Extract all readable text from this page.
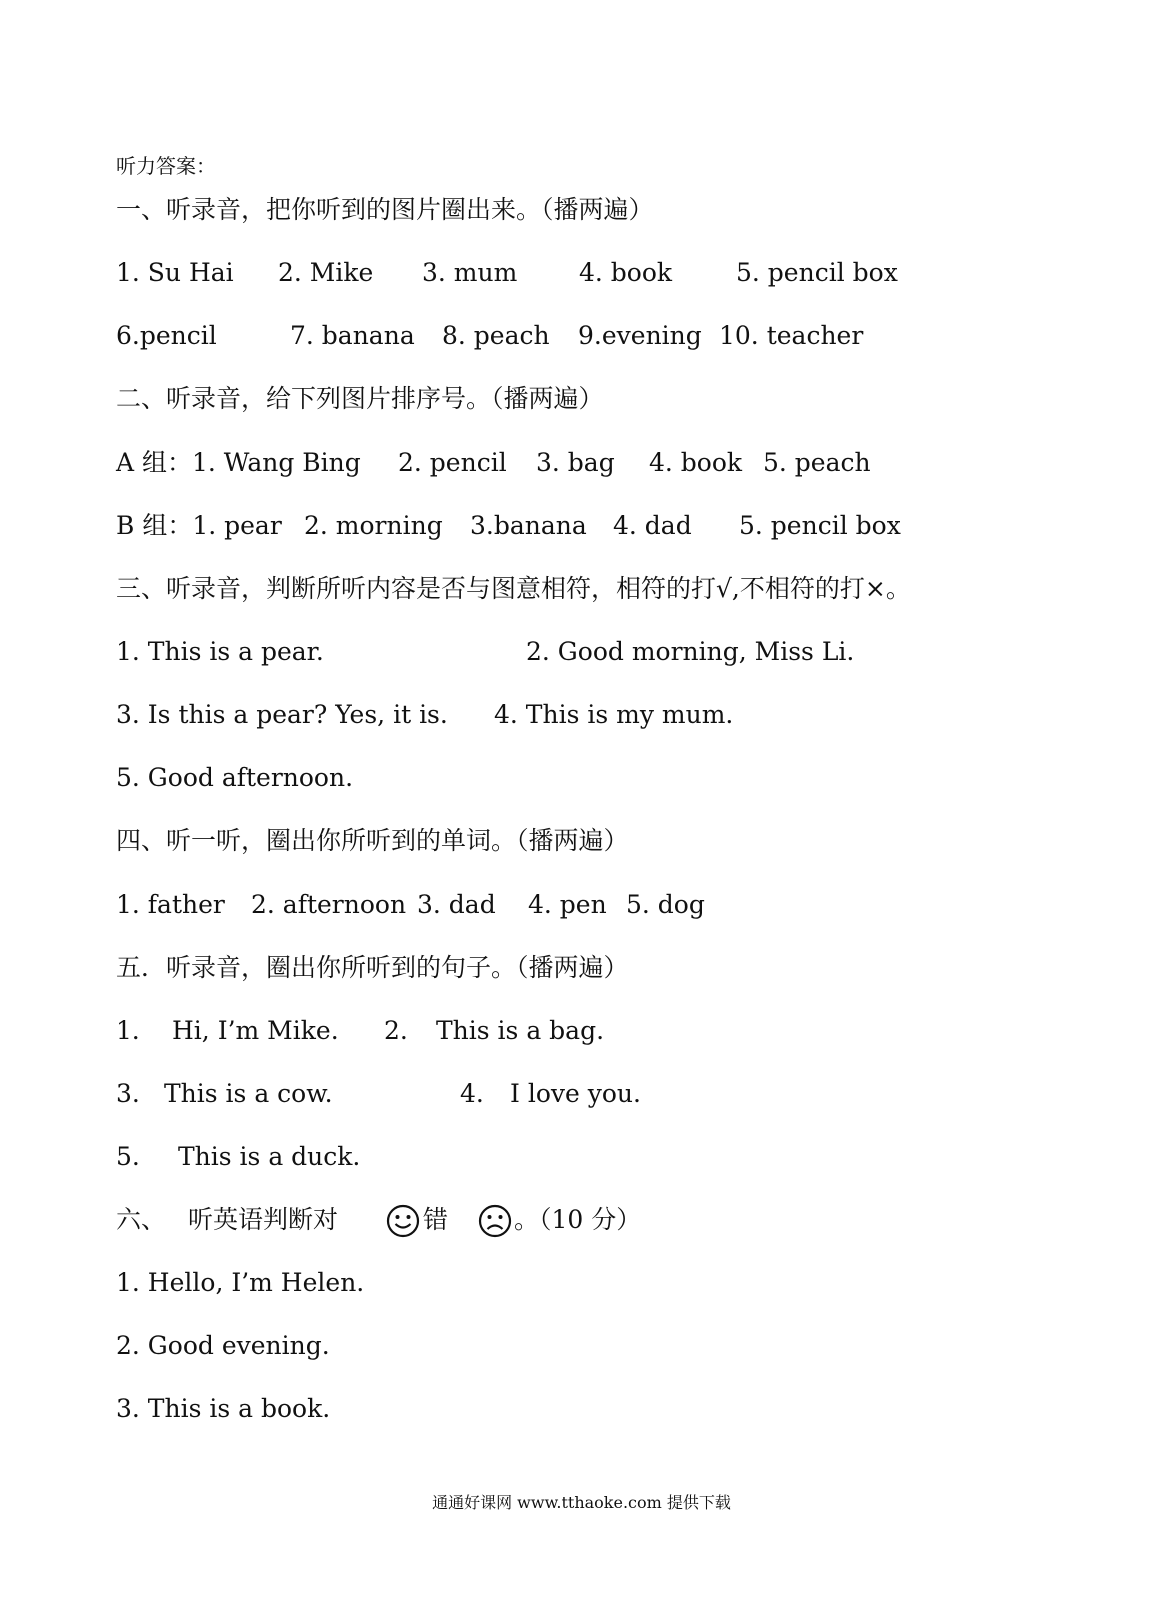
听力答案：
一、听录音，把你听到的图片圈出来。（播两遍）
1. Su Hai 2. Mike 3. mum 4. book	5. pencil box
6.pencil	7. banana 8. peach 9.evening 10. teacher
二、听录音，给下列图片排序号。（播两遍）
A 组：1. Wang Bing 2. pencil 3. bag 4. book 5. peach
B 组：1. pear 2. morning 3.banana 4. dad 5. pencil box
三、听录音，判断所听内容是否与图意相符，相符的打√,不相符的打×。
1. This is a pear.	2. Good morning, Miss Li.
3. Is this a pear? Yes, it is. 4. This is my mum.
5. Good afternoon.
四、听一听，圈出你所听到的单词。（播两遍）
1. father 2. afternoon 3. dad 4. pen 5. dog
五．听录音，圈出你所听到的句子。（播两遍）
1． Hi, I’m Mike. 2. This is a bag.
3. This is a cow.	4. I love you.
5. This is a duck.
六、 听英语判断对	错	。（10 分）
1. Hello, I’m Helen.
2. Good evening.
3. This is a book.
通通好课网 www.tthaoke.com 提供下载
